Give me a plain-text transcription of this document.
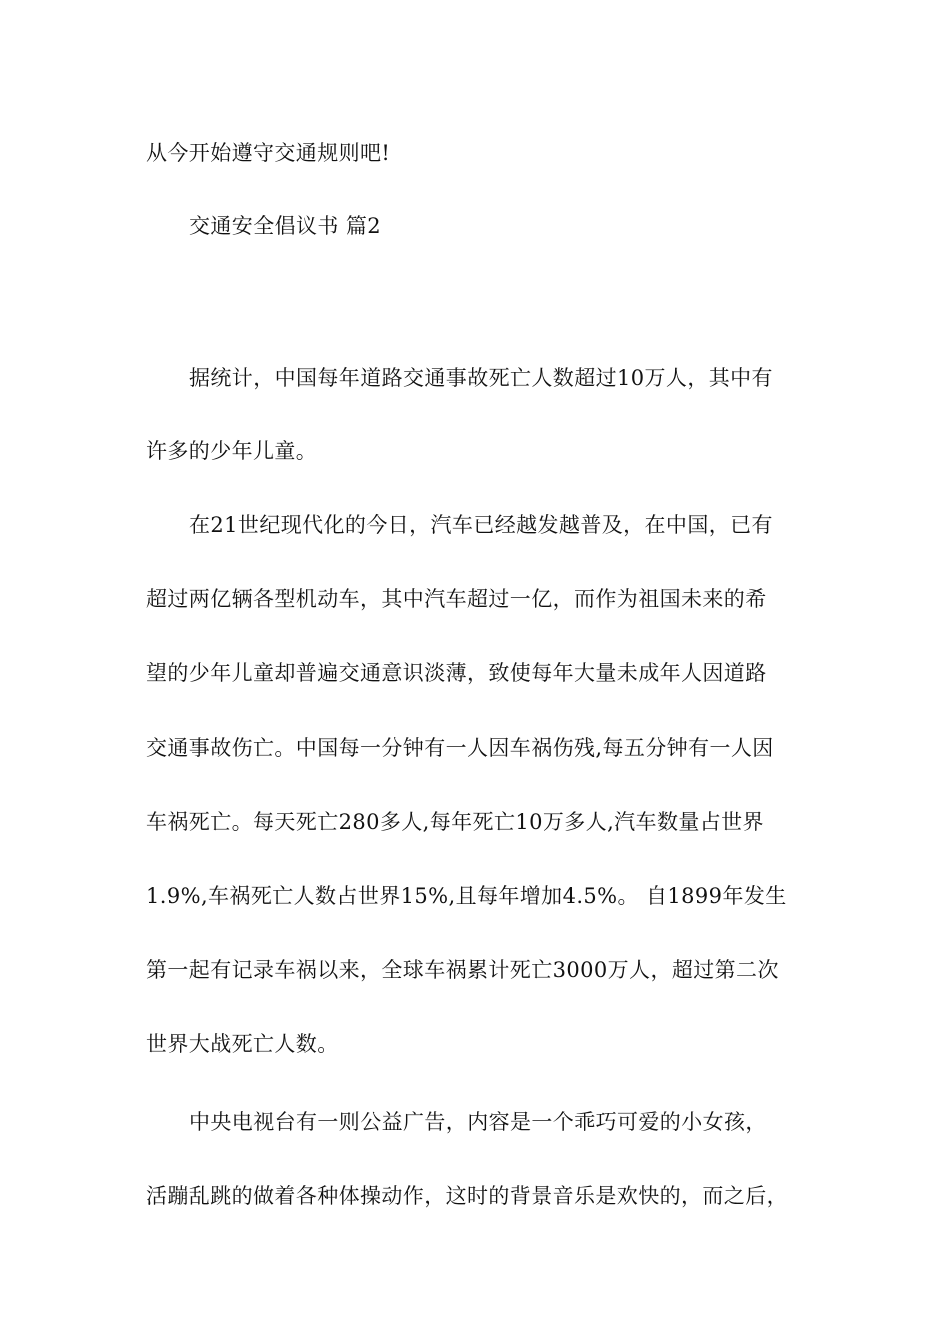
从今开始遵守交通规则吧!
交通安全倡议书 篇2
据统计，中国每年道路交通事故死亡人数超过10万人，其中有
许多的少年儿童。
在21世纪现代化的今日，汽车已经越发越普及，在中国，已有
超过两亿辆各型机动车，其中汽车超过一亿，而作为祖国未来的希
望的少年儿童却普遍交通意识淡薄，致使每年大量未成年人因道路
交通事故伤亡。中国每一分钟有一人因车祸伤残,每五分钟有一人因
车祸死亡。每天死亡280多人,每年死亡10万多人,汽车数量占世界
1.9%,车祸死亡人数占世界15%,且每年增加4.5%。 自1899年发生
第一起有记录车祸以来，全球车祸累计死亡3000万人，超过第二次
世界大战死亡人数。
中央电视台有一则公益广告，内容是一个乖巧可爱的小女孩，
活蹦乱跳的做着各种体操动作，这时的背景音乐是欢快的，而之后，
